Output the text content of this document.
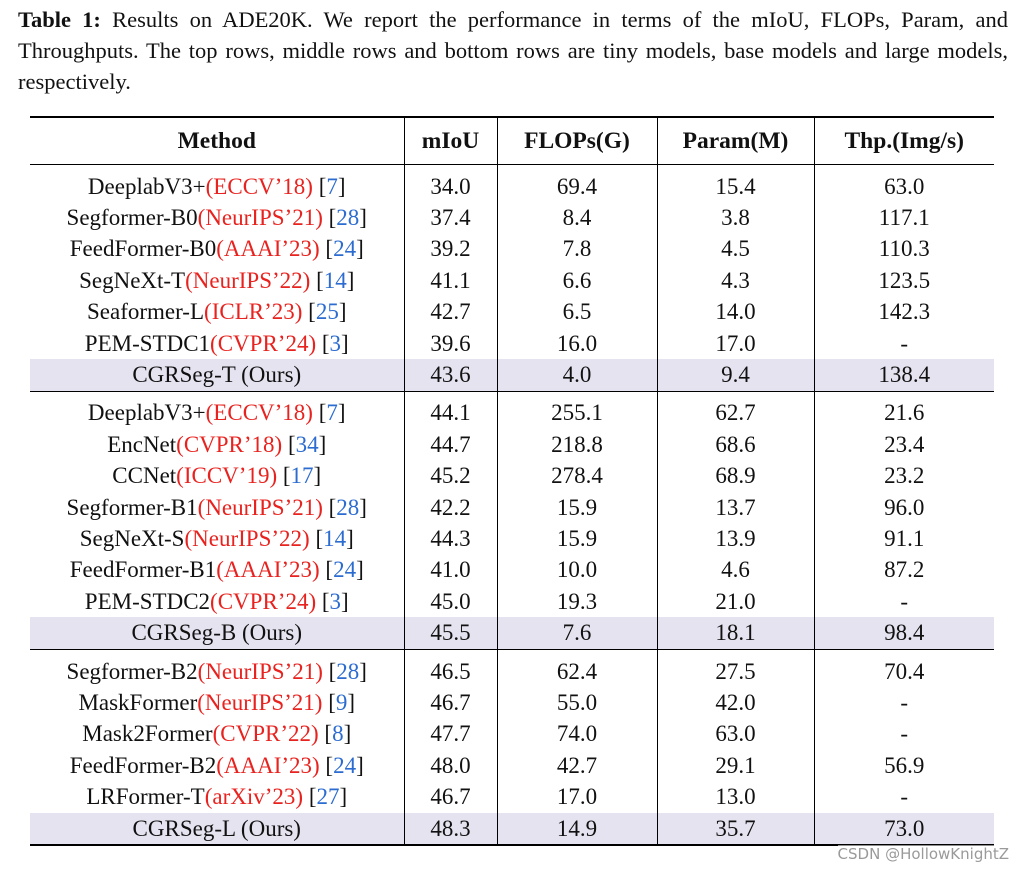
Table 1: Results on ADE20K. We report the performance in terms of the mIoU, FLOPs, Param, and Throughputs. The top rows, middle rows and bottom rows are tiny models, base models and large models, respectively.
Method	mIoU	FLOPs(G)	Param(M)	Thp.(Img/s)
DeeplabV3+(ECCV’18) [7]	34.0	69.4	15.4	63.0
Segformer-B0(NeurIPS’21) [28]	37.4	8.4	3.8	117.1
FeedFormer-B0(AAAI’23) [24]	39.2	7.8	4.5	110.3
SegNeXt-T(NeurIPS’22) [14]	41.1	6.6	4.3	123.5
Seaformer-L(ICLR’23) [25]	42.7	6.5	14.0	142.3
PEM-STDC1(CVPR’24) [3]	39.6	16.0	17.0	-
CGRSeg-T (Ours)	43.6	4.0	9.4	138.4
DeeplabV3+(ECCV’18) [7]	44.1	255.1	62.7	21.6
EncNet(CVPR’18) [34]	44.7	218.8	68.6	23.4
CCNet(ICCV’19) [17]	45.2	278.4	68.9	23.2
Segformer-B1(NeurIPS’21) [28]	42.2	15.9	13.7	96.0
SegNeXt-S(NeurIPS’22) [14]	44.3	15.9	13.9	91.1
FeedFormer-B1(AAAI’23) [24]	41.0	10.0	4.6	87.2
PEM-STDC2(CVPR’24) [3]	45.0	19.3	21.0	-
CGRSeg-B (Ours)	45.5	7.6	18.1	98.4
Segformer-B2(NeurIPS’21) [28]	46.5	62.4	27.5	70.4
MaskFormer(NeurIPS’21) [9]	46.7	55.0	42.0	-
Mask2Former(CVPR’22) [8]	47.7	74.0	63.0	-
FeedFormer-B2(AAAI’23) [24]	48.0	42.7	29.1	56.9
LRFormer-T(arXiv’23) [27]	46.7	17.0	13.0	-
CGRSeg-L (Ours)	48.3	14.9	35.7	73.0
CSDN @HollowKnightZ
